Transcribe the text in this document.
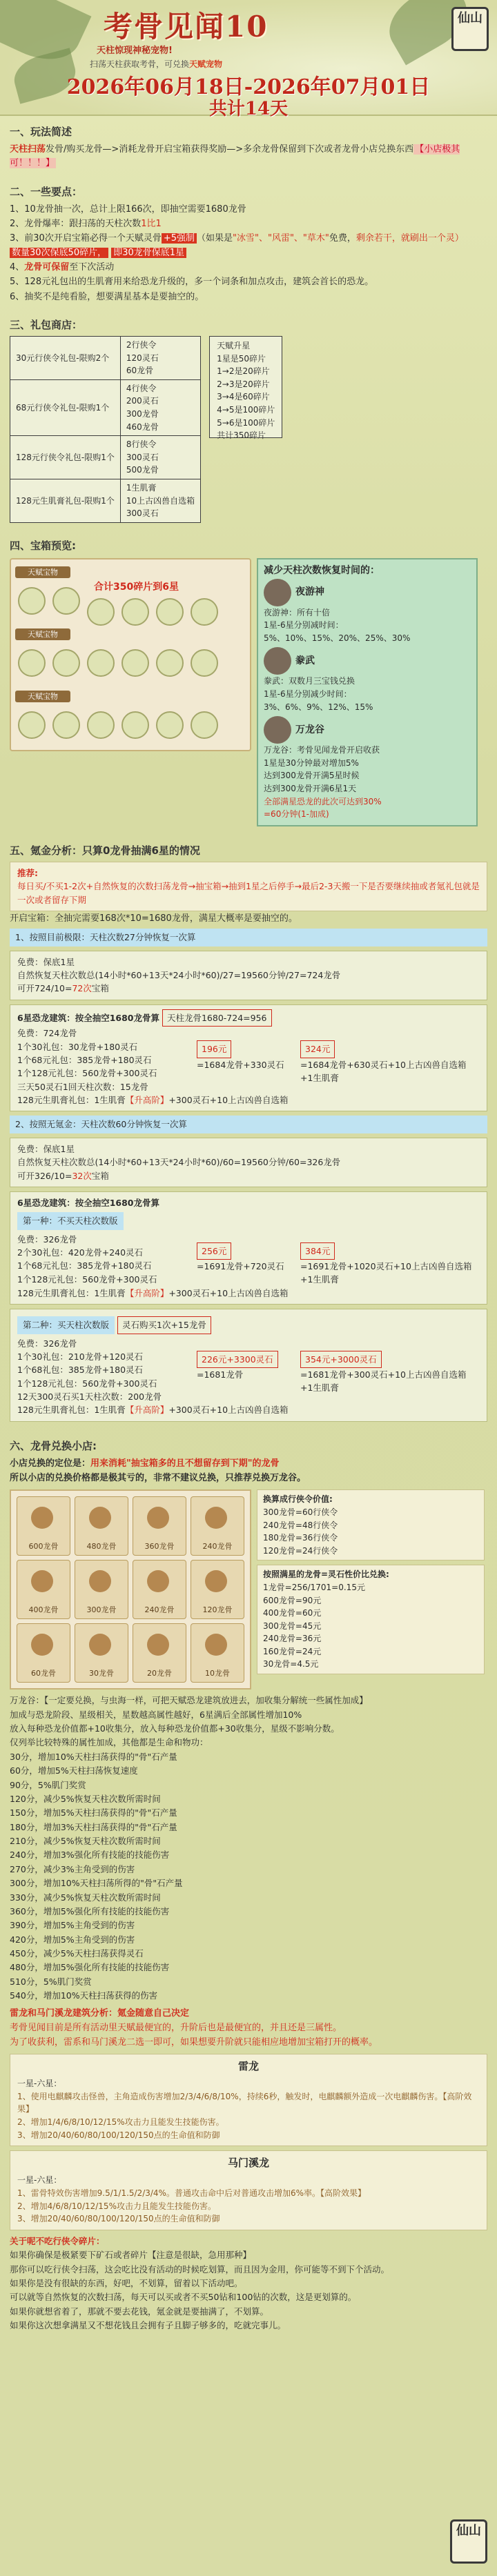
考骨见闻10
天柱惊现神秘宠物!
扫荡天柱获取考骨，可兑换天赋宠物
2026年06月18日-2026年07月01日
共计14天
仙山
一、玩法简述

天柱扫荡发骨/购买龙骨—>消耗龙骨开启宝箱获得奖励—>多余龙骨保留到下次或者龙骨小店兑换东西 【小店极其可！！！】

二、一些要点：

1、10龙骨抽一次，总计上限166次，即抽空需要1680龙骨

2、龙骨爆率：跟扫荡的天柱次数1比1

3、前30次开启宝箱必得一个天赋灵骨 +5强制 （如果是"冰雪"、"风雷"、"草木"免费，剩余若干，就刷出一个灵）

数量30次保底50碎片， 即30龙骨保底1星

4、龙骨可保留至下次活动

5、128元礼包出的生肌膏用来给恐龙升级的，多一个词条和加点攻击，建筑会首长的恐龙。

6、抽奖不是纯看脸，想要满星基本是要抽空的。

三、礼包商店：
30元行侠令礼包-限购2个	2行侠令
120灵石
60龙骨

68元行侠令礼包-限购1个	4行侠令
200灵石
300龙骨
460龙骨

128元行侠令礼包-限购1个	8行侠令
300灵石
500龙骨

128元生肌膏礼包-限购1个	1生肌膏
10上古凶兽自选箱
300灵石
天赋升星
1星是50碎片
1→2是20碎片
2→3是20碎片
3→4是60碎片
4→5是100碎片
5→6是100碎片
共计350碎片
四、宝箱预览:
合计350碎片到6星
天赋宝物
天赋宝物
天赋宝物
减少天柱次数恢复时间的：
夜游神
夜游神：所有十倍
1星-6星分别减时间：
5%、10%、15%、20%、25%、30%
豢武
豢武：双数月三宝钱兑换
1星-6星分别减少时间：
3%、6%、9%、12%、15%
万龙谷
万龙谷：考骨见闻龙骨开启收获
1星是30分钟最对增加5%
达到300龙骨开满5星时候
达到300龙骨开满6星1天
全部满星恐龙的此次可达到30%
=60分钟(1-加成)
五、氪金分析：只算0龙骨抽满6星的情况
推荐:
每日买/不买1-2次+自然恢复的次数扫荡龙骨→抽宝箱→抽到1星之后停手→最后2-3天搬一下是否要继续抽或者氪礼包就是一次或者留存下期

开启宝箱：全抽完需要168次*10=1680龙骨，满星大概率是要抽空的。

1、按照目前极限：天柱次数27分钟恢复一次算
免费：保底1星
自然恢复天柱次数总(14小时*60+13天*24小时*60)/27=19560分钟/27=724龙骨
可开724/10=72次宝箱
6星恐龙建筑：按全抽空1680龙骨算 天柱龙骨1680-724=956
免费：724龙骨
1个30礼包：30龙骨+180灵石
1个68元礼包：385龙骨+180灵石
1个128元礼包：560龙骨+300灵石
三天50灵石1回天柱次数：15龙骨
196元
=1684龙骨+330灵石
324元
=1684龙骨+630灵石+10上古凶兽自选箱+1生肌膏
128元生肌膏礼包：1生肌膏【升高阶】+300灵石+10上古凶兽自选箱
2、按照无氪金：天柱次数60分钟恢复一次算
免费：保底1星
自然恢复天柱次数总(14小时*60+13天*24小时*60)/60=19560分钟/60=326龙骨
可开326/10=32次宝箱
6星恐龙建筑：按全抽空1680龙骨算
第一种：不买天柱次数版
免费：326龙骨
2个30礼包：420龙骨+240灵石
1个68元礼包：385龙骨+180灵石
1个128元礼包：560龙骨+300灵石
256元
=1691龙骨+720灵石
384元
=1691龙骨+1020灵石+10上古凶兽自选箱+1生肌膏
128元生肌膏礼包：1生肌膏【升高阶】+300灵石+10上古凶兽自选箱
第二种：买天柱次数版 灵石购买1次+15龙骨
免费：326龙骨
1个30礼包：210龙骨+120灵石
1个68礼包：385龙骨+180灵石
1个128元礼包：560龙骨+300灵石
12天300灵石买1天柱次数：200龙骨
226元+3300灵石
=1681龙骨
354元+3000灵石
=1681龙骨+300灵石+10上古凶兽自选箱+1生肌膏
128元生肌膏礼包：1生肌膏【升高阶】+300灵石+10上古凶兽自选箱
六、龙骨兑换小店:

小店兑换的定位是：用来消耗"抽宝箱多的且不想留存到下期"的龙骨

所以小店的兑换价格都是极其亏的，非常不建议兑换，只推荐兑换万龙谷。

600龙骨	480龙骨	360龙骨	240龙骨
400龙骨	300龙骨	240龙骨	120龙骨
60龙骨	30龙骨	20龙骨	10龙骨
换算成行侠令价值:
300龙骨=60行侠令
240龙骨=48行侠令
180龙骨=36行侠令
120龙骨=24行侠令
按照满星的龙骨=灵石性价比兑换:
1龙骨=256/1701=0.15元
600龙骨=90元
400龙骨=60元
300龙骨=45元
240龙骨=36元
160龙骨=24元
30龙骨=4.5元

万龙谷：【一定要兑换，与虫海一样，可把天赋恐龙建筑放进去，加收集分解统一些属性加成】

加成与恐龙阶段、星级相关，星数越高属性越好，6星满后全部属性增加10%

放入每种恐龙价值都+10收集分，放入每种恐龙价值都+30收集分，星级不影响分数。

仅列举比较特殊的属性加成，其他都是生命和物功：

30分，增加10%天柱扫荡获得的"骨"石产量

60分，增加5%天柱扫荡恢复速度

90分，5%肌门奖赏

120分，减少5%恢复天柱次数所需时间

150分，增加5%天柱扫荡获得的"骨"石产量

180分，增加3%天柱扫荡获得的"骨"石产量

210分，减少5%恢复天柱次数所需时间

240分，增加3%强化所有技能的技能伤害

270分，减少3%主角受到的伤害

300分，增加10%天柱扫荡所得的"骨"石产量

330分，减少5%恢复天柱次数所需时间

360分，增加5%强化所有技能的技能伤害

390分，增加5%主角受到的伤害

420分，增加5%主角受到的伤害

450分，减少5%天柱扫荡获得灵石

480分，增加5%强化所有技能的技能伤害

510分，5%肌门奖赏

540分，增加10%天柱扫荡获得的伤害

雷龙和马门溪龙建筑分析：氪金随意自己决定

考骨见闻目前是所有活动里天赋最便宜的，升阶后也是最便宜的，并且还是三属性。

为了收获利，雷系和马门溪龙二选一即可，如果想要升阶就只能相应地增加宝箱打开的概率。

雷龙
一星-六星：
1、使用电麒麟攻击怪兽，主角造成伤害增加2/3/4/6/8/10%，持续6秒，触发时，电麒麟额外造成一次电麒麟伤害。【高阶效果】
2、增加1/4/6/8/10/12/15%攻击力且能发生技能伤害。
3、增加20/40/60/80/100/120/150点的生命值和防御
马门溪龙
一星-六星：
1、雷骨特效伤害增加9.5/1/1.5/2/3/4%。普通攻击命中后对普通攻击增加6%率。【高阶效果】
2、增加4/6/8/10/12/15%攻击力且能发生技能伤害。
3、增加20/40/60/80/100/120/150点的生命值和防御

关于呢不吃行侠令碎片：

如果你确保是极紧要下矿石或者碎片【注意是很缺，急用那种】

那你可以吃行侠令扫荡，这会吃比没有活动的时候吃划算，而且因为金用，你可能等不到下个活动。

如果你是没有很缺的东西，好吧，不划算，留着以下活动吧。

可以就等自然恢复的次数扫荡，每天可以买或者不买50钻和100钻的次数，这是更划算的。

如果你就想省着了，那就不要去花钱，氪金就是要抽满了，不划算。

如果你这次想拿满星又不想花钱且会拥有子且脚子够多的，吃就完事儿。

仙山
